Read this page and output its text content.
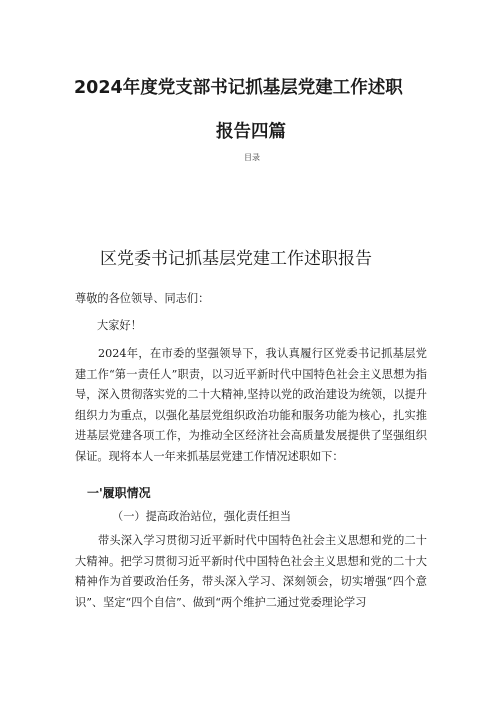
2024年度党支部书记抓基层党建工作述职
报告四篇
目录
区党委书记抓基层党建工作述职报告
尊敬的各位领导、同志们：
大家好！

2024年，在市委的坚强领导下，我认真履行区党委书记抓基层党建工作“第一责任人”职责，以习近平新时代中国特色社会主义思想为指导，深入贯彻落实党的二十大精神,坚持以党的政治建设为统领，以提升组织力为重点，以强化基层党组织政治功能和服务功能为核心，扎实推进基层党建各项工作，为推动全区经济社会高质量发展提供了坚强组织保证。现将本人一年来抓基层党建工作情况述职如下：

一'履职情况
（一）提高政治站位，强化责任担当

带头深入学习贯彻习近平新时代中国特色社会主义思想和党的二十大精神。把学习贯彻习近平新时代中国特色社会主义思想和党的二十大精神作为首要政治任务，带头深入学习、深刻领会，切实增强“四个意识”、坚定“四个自信”、做到“两个维护二通过党委理论学习
